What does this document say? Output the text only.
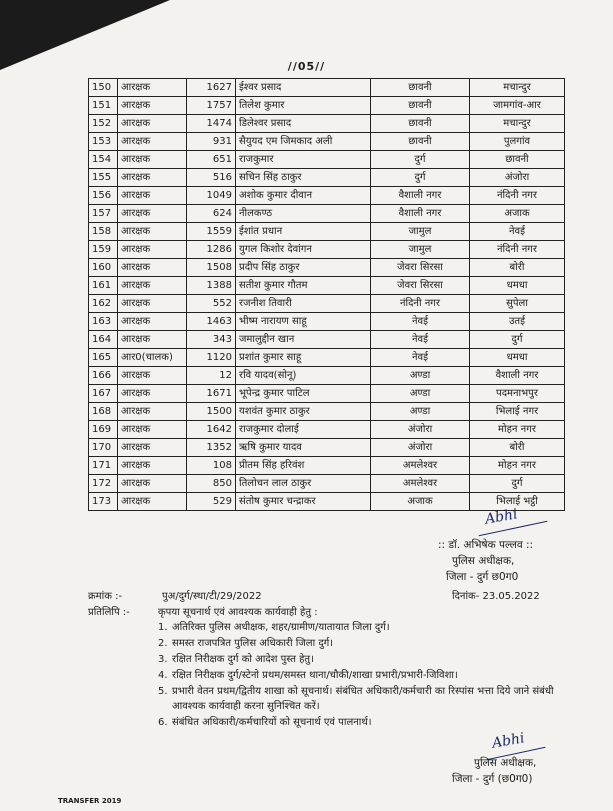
//05//
150	आरक्षक	1627	ईश्वर प्रसाद	छावनी	मचान्दुर
151	आरक्षक	1757	तिलेश कुमार	छावनी	जामगांव-आर
152	आरक्षक	1474	डिलेश्वर प्रसाद	छावनी	मचान्दुर
153	आरक्षक	931	सैयुयद एम जिमकाद अली	छावनी	पुलगांव
154	आरक्षक	651	राजकुमार	दुर्ग	छावनी
155	आरक्षक	516	सचिन सिंह ठाकुर	दुर्ग	अंजोरा
156	आरक्षक	1049	अशोक कुमार दीवान	वैशाली नगर	नंदिनी नगर
157	आरक्षक	624	नीलकण्ठ	वैशाली नगर	अजाक
158	आरक्षक	1559	ईशांत प्रधान	जामुल	नेवई
159	आरक्षक	1286	युगल किशोर देवांगन	जामुल	नंदिनी नगर
160	आरक्षक	1508	प्रदीप सिंह ठाकुर	जेवरा सिरसा	बोरी
161	आरक्षक	1388	सतीश कुमार गौतम	जेवरा सिरसा	धमधा
162	आरक्षक	552	रजनीश तिवारी	नंदिनी नगर	सुपेला
163	आरक्षक	1463	भीष्म नारायण साहू	नेवई	उतई
164	आरक्षक	343	जमालुद्दीन खान	नेवई	दुर्ग
165	आर0(चालक)	1120	प्रशांत कुमार साहू	नेवई	धमधा
166	आरक्षक	12	रवि यादव(सोनू)	अण्डा	वैशाली नगर
167	आरक्षक	1671	भूपेन्द्र कुमार पाटिल	अण्डा	पदमनाभपुर
168	आरक्षक	1500	यशवंत कुमार ठाकुर	अण्डा	भिलाई नगर
169	आरक्षक	1642	राजकुमार दोलाई	अंजोरा	मोहन नगर
170	आरक्षक	1352	ऋषि कुमार यादव	अंजोरा	बोरी
171	आरक्षक	108	प्रीतम सिंह हरिवंश	अमलेश्वर	मोहन नगर
172	आरक्षक	850	तिलोचन लाल ठाकुर	अमलेश्वर	दुर्ग
173	आरक्षक	529	संतोष कुमार चन्द्राकर	अजाक	भिलाई भट्ठी
Abhi
:: डॉ. अभिषेक पल्लव ::
पुलिस अधीक्षक,
जिला - दुर्ग छ0ग0
क्रमांक :-	पुअ/दुर्ग/स्था/टी/29/2022	दिनांक- 23.05.2022
प्रतिलिपि :-	कृपया सूचनार्थ एवं आवश्यक कार्यवाही हेतु :
1. अतिरिक्त पुलिस अधीक्षक, शहर/ग्रामीण/यातायात जिला दुर्ग।
2. समस्त राजपत्रित पुलिस अधिकारी जिला दुर्ग।
3. रक्षित निरीक्षक दुर्ग को आदेश पुस्त हेतु।
4. रक्षित निरीक्षक दुर्ग/स्टेनो प्रथम/समस्त थाना/चौकी/शाखा प्रभारी/प्रभारी-जिविशा।
5. प्रभारी वेतन प्रथम/द्वितीय शाखा को सूचनार्थ। संबंधित अधिकारी/कर्मचारी का रिस्पांस भत्ता दिये जाने संबंधी आवश्यक कार्यवाही करना सुनिश्चित करें।
6. संबंधित अधिकारी/कर्मचारियों को सूचनार्थ एवं पालनार्थ।
Abhi
पुलिस अधीक्षक,
जिला - दुर्ग (छ0ग0)
TRANSFER 2019
